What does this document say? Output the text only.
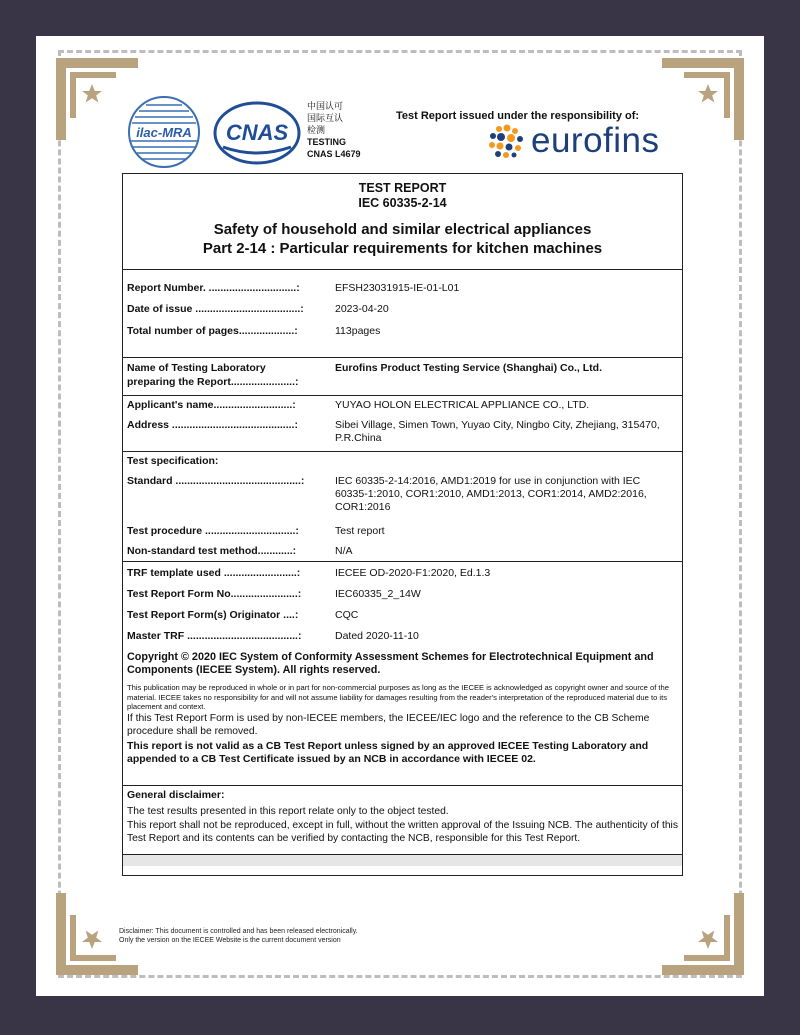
ilac-MRA CNAS
中国认可
国际互认
检测
TESTING
CNAS L4679
Test Report issued under the responsibility of:
eurofins
TEST REPORT
IEC 60335-2-14
Safety of household and similar electrical appliances
Part 2-14 : Particular requirements for kitchen machines
Report Number. ..............................:	EFSH23031915-IE-01-L01
Date of issue ....................................:	2023-04-20
Total number of pages...................:	113pages
Name of Testing Laboratory
preparing the Report......................:
Eurofins Product Testing Service (Shanghai) Co., Ltd.
Applicant's name...........................:	YUYAO HOLON ELECTRICAL APPLIANCE CO., LTD.
Address ..........................................:	Sibei Village, Simen Town, Yuyao City, Ningbo City, Zhejiang, 315470, P.R.China
Test specification:
Standard ...........................................:	IEC 60335-2-14:2016, AMD1:2019 for use in conjunction with IEC 60335-1:2010, COR1:2010, AMD1:2013, COR1:2014, AMD2:2016, COR1:2016
Test procedure ...............................:	Test report
Non-standard test method............:	N/A
TRF template used .........................:	IECEE OD-2020-F1:2020, Ed.1.3
Test Report Form No.......................:	IEC60335_2_14W
Test Report Form(s) Originator ....:	CQC
Master TRF ......................................:	Dated 2020-11-10
Copyright © 2020 IEC System of Conformity Assessment Schemes for Electrotechnical Equipment and Components (IECEE System). All rights reserved.
This publication may be reproduced in whole or in part for non-commercial purposes as long as the IECEE is acknowledged as copyright owner and source of the material. IECEE takes no responsibility for and will not assume liability for damages resulting from the reader's interpretation of the reproduced material due to its placement and context.
If this Test Report Form is used by non-IECEE members, the IECEE/IEC logo and the reference to the CB Scheme procedure shall be removed.
This report is not valid as a CB Test Report unless signed by an approved IECEE Testing Laboratory and appended to a CB Test Certificate issued by an NCB in accordance with IECEE 02.
General disclaimer:
The test results presented in this report relate only to the object tested.
This report shall not be reproduced, except in full, without the written approval of the Issuing NCB. The authenticity of this Test Report and its contents can be verified by contacting the NCB, responsible for this Test Report.
Disclaimer: This document is controlled and has been released electronically.
Only the version on the IECEE Website is the current document version
